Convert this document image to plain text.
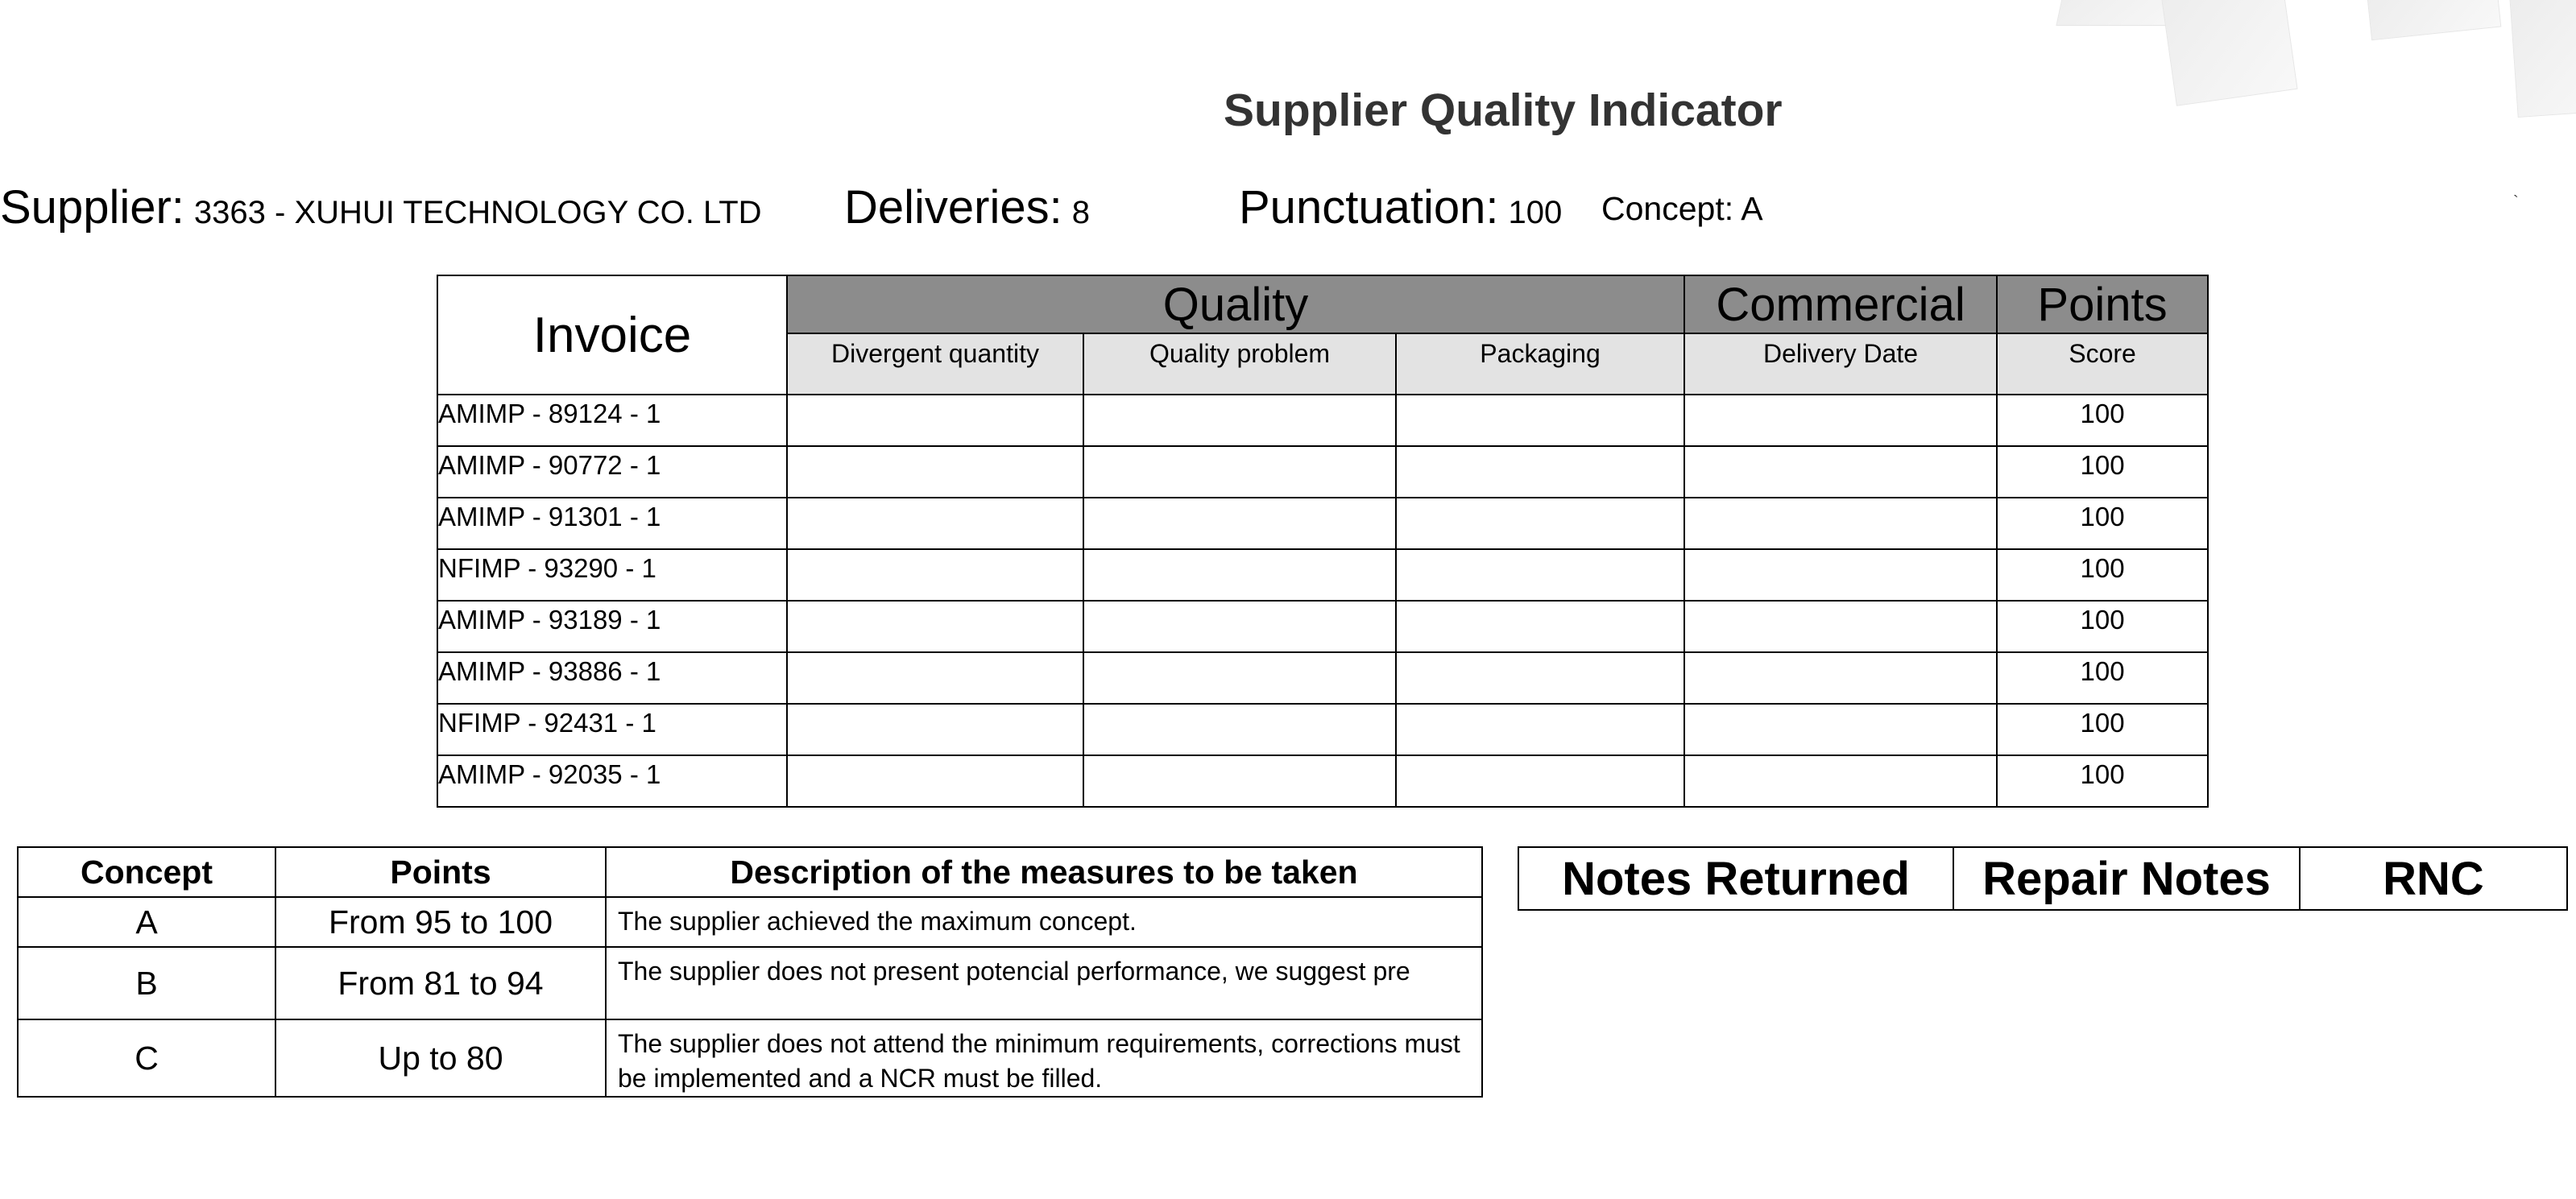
`
Supplier Quality Indicator
Supplier: 3363 - XUHUI TECHNOLOGY CO. LTD Deliveries: 8	Punctuation: 100 Concept: A
Invoice	Quality			Commercial	Points
	Divergent quantity	Quality problem	Packaging	Delivery Date	Score
AMIMP - 89124 - 1					100
AMIMP - 90772 - 1					100
AMIMP - 91301 - 1					100
NFIMP - 93290 - 1					100
AMIMP - 93189 - 1					100
AMIMP - 93886 - 1					100
NFIMP - 92431 - 1					100
AMIMP - 92035 - 1					100
Concept	Points	Description of the measures to be taken
A	From 95 to 100	The supplier achieved the maximum concept.
B	From 81 to 94	The supplier does not present potencial performance, we suggest pre
C	Up to 80	The supplier does not attend the minimum requirements, corrections must be implemented and a NCR must be filled.
Notes Returned	Repair Notes	RNC
